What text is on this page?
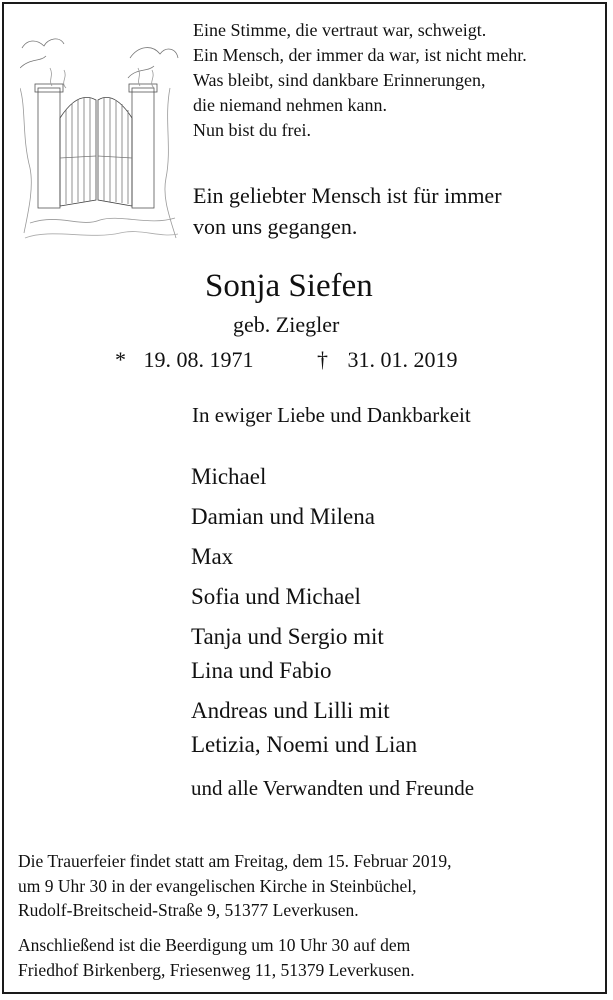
Eine Stimme, die vertraut war, schweigt.
Ein Mensch, der immer da war, ist nicht mehr.
Was bleibt, sind dankbare Erinnerungen,
die niemand nehmen kann.
Nun bist du frei.
Ein geliebter Mensch ist für immer
von uns gegangen.
Sonja Siefen
geb. Ziegler
* 19. 08. 1971	† 31. 01. 2019
In ewiger Liebe und Dankbarkeit
Michael
Damian und Milena
Max
Sofia und Michael
Tanja und Sergio mit
Lina und Fabio
Andreas und Lilli mit
Letizia, Noemi und Lian
und alle Verwandten und Freunde
Die Trauerfeier findet statt am Freitag, dem 15. Februar 2019,
um 9 Uhr 30 in der evangelischen Kirche in Steinbüchel,
Rudolf-Breitscheid-Straße 9, 51377 Leverkusen.
Anschließend ist die Beerdigung um 10 Uhr 30 auf dem
Friedhof Birkenberg, Friesenweg 11, 51379 Leverkusen.
